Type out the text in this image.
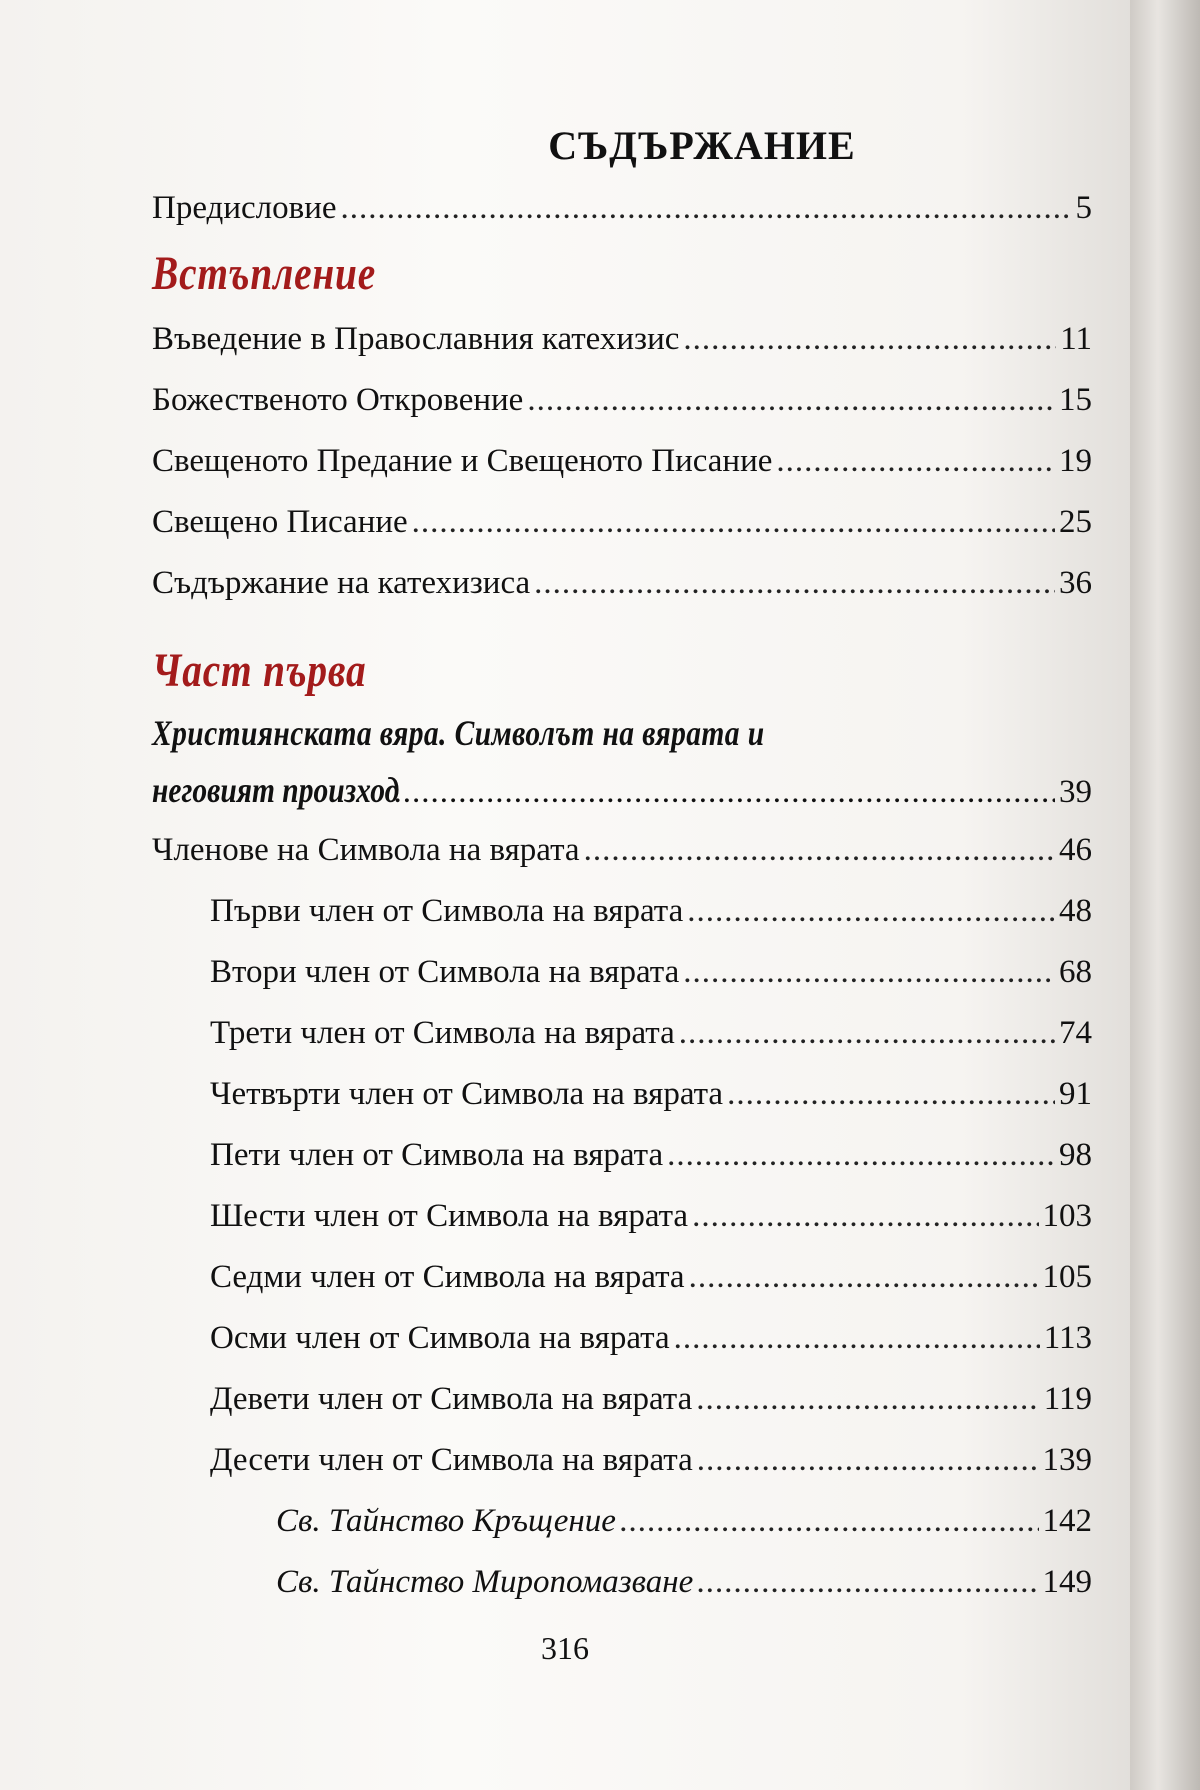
СЪДЪРЖАНИЕ
Предисловие .....	5
Встъпление
Въведение в Православния катехизис .....	11
Божественото Откровение .....	15
Свещеното Предание и Свещеното Писание .....	19
Свещено Писание .....	25
Съдържание на катехизиса .....	36
Част първа
Християнската вяра. Символът на вярата и
неговият произход .....	39
Членове на Символа на вярата .....	46
Първи член от Символа на вярата .....	48
Втори член от Символа на вярата .....	68
Трети член от Символа на вярата .....	74
Четвърти член от Символа на вярата .....	91
Пети член от Символа на вярата .....	98
Шести член от Символа на вярата .....	103
Седми член от Символа на вярата .....	105
Осми член от Символа на вярата .....	113
Девети член от Символа на вярата .....	119
Десети член от Символа на вярата .....	139
Св. Тайнство Кръщение .....	142
Св. Тайнство Миропомазване .....	149
316
